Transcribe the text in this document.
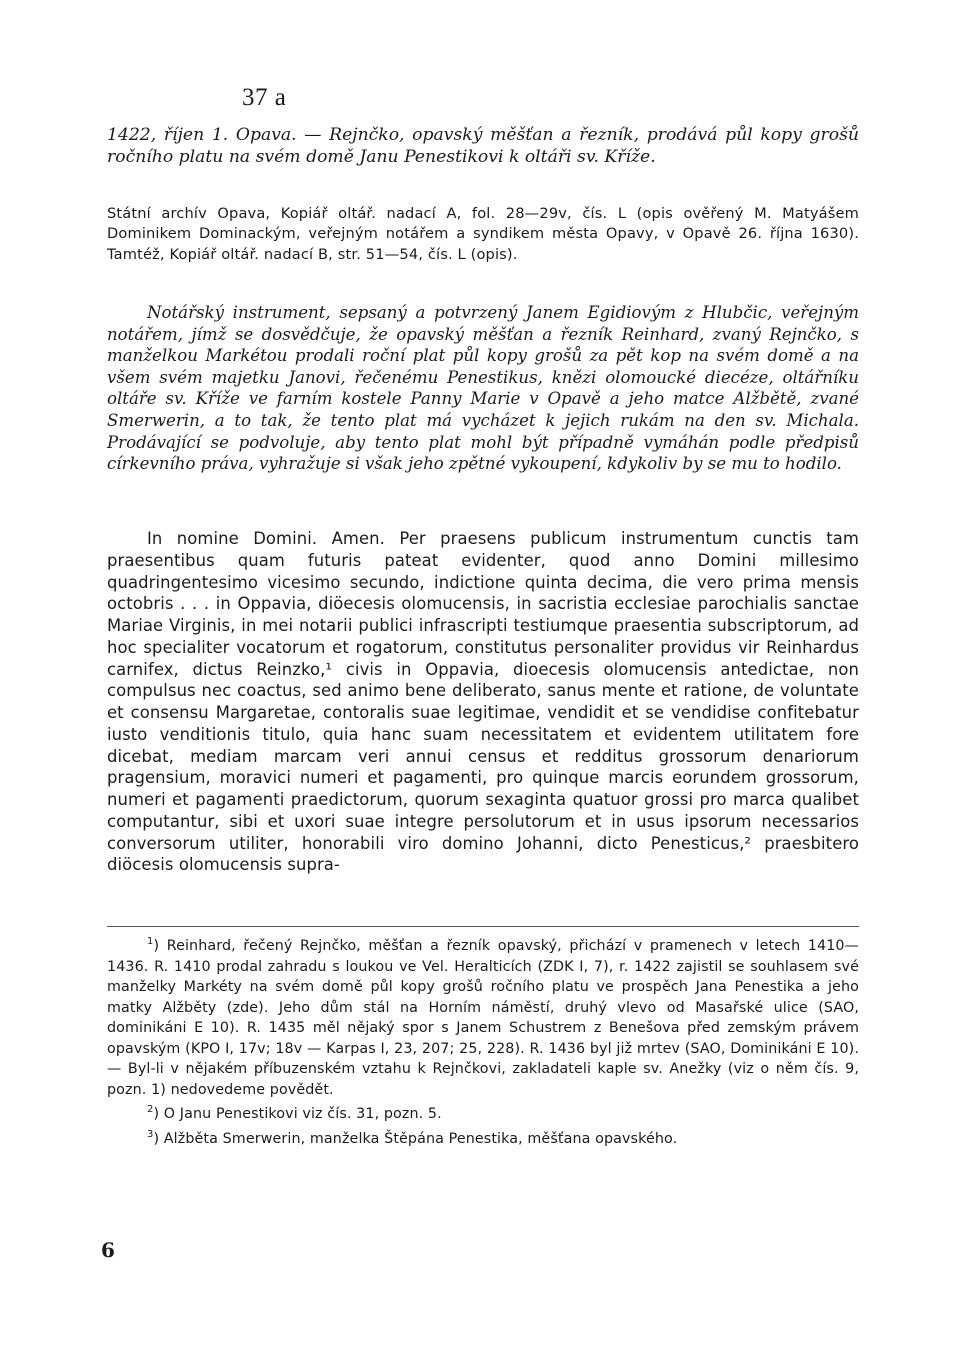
37 a

1422, říjen 1. Opava. — Rejnčko, opavský měšťan a řezník, prodává půl kopy grošů ročního platu na svém domě Janu Penestikovi k oltáři sv. Kříže.

Státní archív Opava, Kopiář oltář. nadací A, fol. 28—29v, čís. L (opis ověřený M. Matyášem Dominikem Dominackým, veřejným notářem a syndikem města Opavy, v Opavě 26. října 1630). Tamtéž, Kopiář oltář. nadací B, str. 51—54, čís. L (opis).

Notářský instrument, sepsaný a potvrzený Janem Egidiovým z Hlubčic, veřejným notářem, jímž se dosvědčuje, že opavský měšťan a řezník Reinhard, zvaný Rejnčko, s manželkou Markétou prodali roční plat půl kopy grošů za pět kop na svém domě a na všem svém majetku Janovi, řečenému Penestikus, knězi olomoucké diecéze, oltářníku oltáře sv. Kříže ve farním kostele Panny Marie v Opavě a jeho matce Alžbětě, zvané Smerwerin, a to tak, že tento plat má vycházet k jejich rukám na den sv. Michala. Prodávající se podvoluje, aby tento plat mohl být případně vymáhán podle předpisů církevního práva, vyhražuje si však jeho zpětné vykoupení, kdykoliv by se mu to hodilo.

In nomine Domini. Amen. Per praesens publicum instrumentum cunctis tam praesentibus quam futuris pateat evidenter, quod anno Domini millesimo quadringentesimo vicesimo secundo, indictione quinta decima, die vero prima mensis octobris . . . in Oppavia, diöecesis olomucensis, in sacristia ecclesiae parochialis sanctae Mariae Virginis, in mei notarii publici infrascripti testiumque praesentia subscriptorum, ad hoc specialiter vocatorum et rogatorum, constitutus personaliter providus vir Reinhardus carnifex, dictus Reinzko,¹ civis in Oppavia, dioecesis olomucensis antedictae, non compulsus nec coactus, sed animo bene deliberato, sanus mente et ratione, de voluntate et consensu Margaretae, contoralis suae legitimae, vendidit et se vendidise confitebatur iusto venditionis titulo, quia hanc suam necessitatem et evidentem utilitatem fore dicebat, mediam marcam veri annui census et redditus grossorum denariorum pragensium, moravici numeri et pagamenti, pro quinque marcis eorundem grossorum, numeri et pagamenti praedictorum, quorum sexaginta quatuor grossi pro marca qualibet computantur, sibi et uxori suae integre persolutorum et in usus ipsorum necessarios conversorum utiliter, honorabili viro domino Johanni, dicto Penesticus,² praesbitero diöcesis olomucensis supra-

$^1$) Reinhard, řečený Rejnčko, měšťan a řezník opavský, přichází v pramenech v letech 1410—1436. R. 1410 prodal zahradu s loukou ve Vel. Heralticích (ZDK I, 7), r. 1422 zajistil se souhlasem své manželky Markéty na svém domě půl kopy grošů ročního platu ve prospěch Jana Penestika a jeho matky Alžběty (zde). Jeho dům stál na Horním náměstí, druhý vlevo od Masařské ulice (SAO, dominikáni E 10). R. 1435 měl nějaký spor s Janem Schustrem z Benešova před zemským právem opavským (KPO I, 17v; 18v — Karpas I, 23, 207; 25, 228). R. 1436 byl již mrtev (SAO, Dominikáni E 10). — Byl-li v nějakém příbuzenském vztahu k Rejnčkovi, zakladateli kaple sv. Anežky (viz o něm čís. 9, pozn. 1) nedovedeme povědět.

$^2$) O Janu Penestikovi viz čís. 31, pozn. 5.

$^3$) Alžběta Smerwerin, manželka Štěpána Penestika, měšťana opavského.

6
